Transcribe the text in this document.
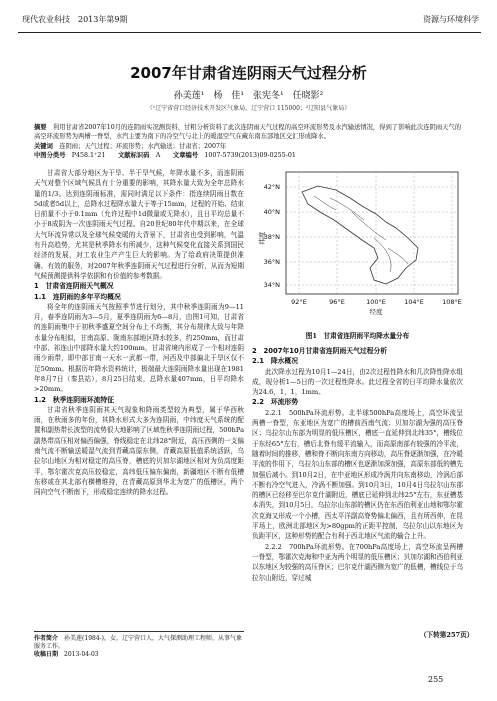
现代农业科技　2013年第9期	资源与环境科学
2007年甘肃省连阴雨天气过程分析
孙美莲¹　杨　佳¹　张宪冬¹　任晓影²
（¹辽宁省营口经济技术开发区气象局，辽宁营口 115000；²辽阳县气象局）
摘要　 利用甘肃省2007年10月的连阴雨实况测资料、甘粗分析资料了此次连阴雨天气过程的高空环流形势及水汽输送情况，得到了影响此次连阴雨天气的高空环流形势为两槽一脊型，水汽主要为南下的冷空气与北上的暖湿空气在藏东南东部地区交汇形成降水。
关键词　 连阴雨；天气过程；环流形势；水汽输送；甘肃省；2007年
中图分类号　 P458.1⁺21　　 文献标识码　 A　　 文章编号　 1007-5739(2013)09-0255-01

甘肃省大部分地区为干旱、半干旱气候，年降水量不多，而连阴雨天气对整个区域气候具有十分重要的影响，其降水量大致为全年总降水量的1/3。达到连阴雨标准，需同时满足以下条件：指连续阴雨日数在5d或者5d以上，总降水过程降水量大于等于15mm，过程的开始、结束日前量不小于0.1mm（允许过程中1d微量或无降水），且日平均总量不小于8成阴为一次连阴雨天气过程。自20世纪80年代中期以来，在全球大气环流异常以及全球气候变暖的大背景下，甘肃省也受到影响，气温有升高趋势，尤其是秋季降水有所减少，这种气候变化直接关系到国民经济的发展，对工农业生产产生巨大的影响。为了给政府决策提供准确、有效的服务，对2007年秋季连阴雨天气过程进行分析，从而为短期气候预测提供科学依据和有价值的参考数据。

1　甘肃省连阴雨天气概况
1.1　连阴雨的多年平均概况

将全年的连阴雨天气按照季节进行划分，其中秋季连阴雨为9—11月，春季连阴雨为3—5月，夏季连阴雨为6—8月，由图1可知，甘肃省的连阴雨集中于初秋季盛夏空间分布上不均衡，其分布规律大致与年降水量分布相似，甘南高原、陇南东部地区降水较多，约250mm，而甘肃中部、祁连山中部降水量大约100mm，甘肃省境内形成了一个相对连阴雨少雨带，即中部甘南一天水一武都一带，河西及中部偏北干旱区仅不足50mm。根据历年降水资料统计，极端最大连阴雨降水量出现在1981年8月7日（秦县站），8月25日结束，总降水量407mm，日平均降水>20mm。

1.2　秋季连阴雨环流特征

甘肃省秋季连阴雨其天气现象和降雨类型较为典型，属于华西秋雨，在秋雨多的年份，其降水形式大多为连阴雨，中纬度天气系统的配置和副热带长波型的流势很大地影响了区域性秋季连阴雨过程，500hPa副热带高压相对偏西偏强，脊线稳定在北纬28°附近，高压西侧的一支偏南气流不断输送暖湿气流到青藏高原东侧，青藏高原低值系统活跃，乌拉尔山地区为相对稳定的高压脊，槽底的贝加尔湖地区相对为负高度距平，鄂尔霍次克高压较稳定，高纬低压偏东偏南，新疆地区不断有低槽东移或在其北部有横槽维持，在青藏高原到华北为宽广的低槽区，两个同向空气不断南下，形成稳定连续的降水过程。

作者简介　 孙美莲(1984-)，女，辽宁营口人，大气探测助理工程师，从事气象服务工作。
收稿日期　 2013-04-03
42°N
40°N
38°N
36°N
34°N
92°E	96°E	100°E	104°E	108°E
经度
纬度
图1　甘肃省连阴雨平均降水量分布
2　2007年10月甘肃省连阴雨天气过程分析
2.1　降水概况

此次降水过程为10月1—24日，由2次过程性降水和几次降性降水组成，现分析1—5日的一次过程性降水。此过程全省的日平均降水量依次为24.6，1，1，1mm。

2.2　环流形势

2.2.1　500hPa环流形势。北半球500hPa高度场上，高空环流呈两槽一脊型，东亚地区为宽广的槽前西南气流；贝加尔湖为强的高压脊区；乌拉尔山东部为明显的低压槽区，槽底一直延伸到北纬35°，槽线位于东经65°左右，槽后北脊有缓平流输入，而高原南部有较强的冷平流，随着时间的推移，槽和脊不断向东南方向移动，高压脊逐渐加强，在冷暖平流的作用下，乌拉尔山东部的槽区也逐渐加深加强，高原东部低的槽先加强后减小。到10月2日，在中亚地区形成冷涡并向东南移动，冷涡后部不断有冷空气进入，冷涡不断加强。到10月3日，10月4日乌拉尔山东部的槽区已经移至巴尔克什湖附近，槽底已延伸到北纬25°左右，东亚槽基本消失，到10月5日，乌拉尔山东部的槽区仍在东西伯利亚山地和鄂尔霍次克海又形成一个小槽，西太平洋副高脊势偏北偏西，且有所西伸，在昆平场上，欧洲北部地区为>80gpm的正距平控制，乌拉尔山以东地区为负距平区，这种形势的配合有利于西北地区气流的输合上升。

2.2.2　700hPa环流形势。在700hPa高度场上，高空环流呈两槽一脊型，鄂霍次克海和中亚为两个明显的低压槽区；贝加尔湖和西伯利亚以东地区为较强的高压脊区；巴尔克什湖西侧为宽广的低槽，槽线位于乌拉尔山附近，穿过城

（下转第257页）
255
